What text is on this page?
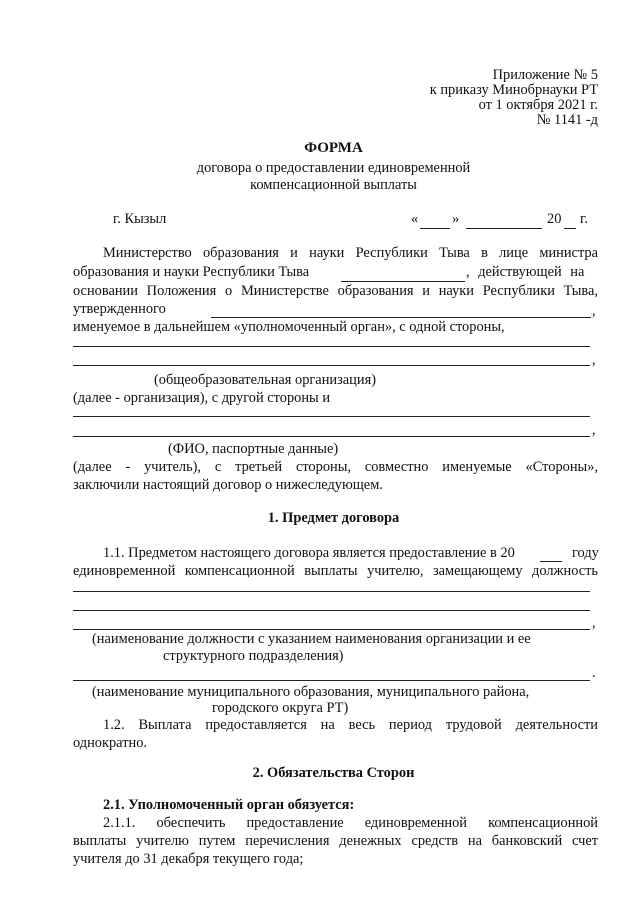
Приложение № 5
к приказу Минобрнауки РТ
от 1 октября 2021 г.
№ 1141 -д
ФОРМА
договора о предоставлении единовременной
компенсационной выплаты
г. Кызыл	« »	20 г.
Министерство образования и науки Республики Тыва в лице министра
образования и науки Республики Тыва	, действующей на
основании Положения о Министерстве образования и науки Республики Тыва,
утвержденного	,
именуемое в дальнейшем «уполномоченный орган», с одной стороны,
,
(общеобразовательная организация)
(далее - организация), с другой стороны и
,
(ФИО, паспортные данные)
(далее - учитель), с третьей стороны, совместно именуемые «Стороны»,
заключили настоящий договор о нижеследующем.
1. Предмет договора
1.1. Предметом настоящего договора является предоставление в 20	году
единовременной компенсационной выплаты учителю, замещающему должность
,
(наименование должности с указанием наименования организации и ее
структурного подразделения)
.
(наименование муниципального образования, муниципального района,
городского округа РТ)
1.2. Выплата предоставляется на весь период трудовой деятельности
однократно.
2. Обязательства Сторон
2.1. Уполномоченный орган обязуется:
2.1.1. обеспечить предоставление единовременной компенсационной
выплаты учителю путем перечисления денежных средств на банковский счет
учителя до 31 декабря текущего года;
